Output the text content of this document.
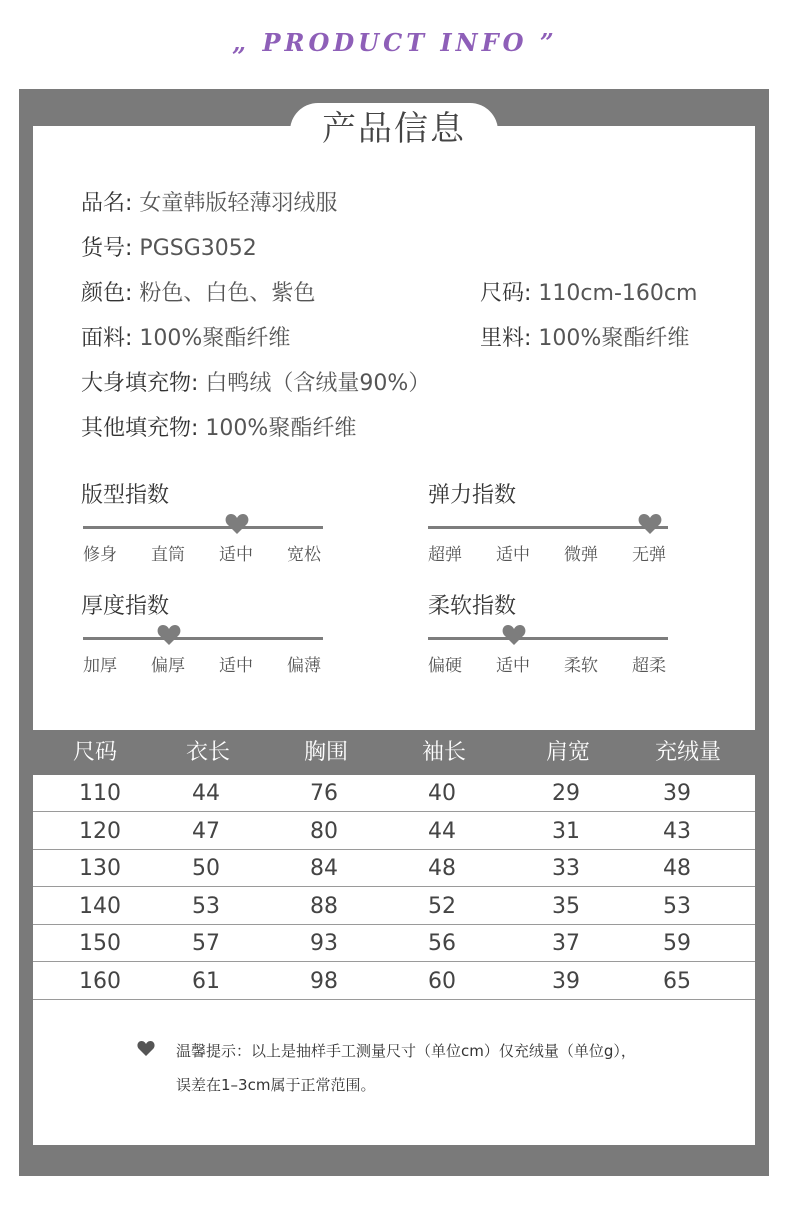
„ PRODUCT INFO ”
品名: 女童韩版轻薄羽绒服
货号: PGSG3052
颜色: 粉色、白色、紫色	尺码: 110cm-160cm
面料: 100%聚酯纤维	里料: 100%聚酯纤维
大身填充物: 白鸭绒（含绒量90%）
其他填充物: 100%聚酯纤维
版型指数
修身 直筒 适中 宽松
弹力指数
超弹 适中 微弹 无弹
厚度指数
加厚 偏厚 适中 偏薄
柔软指数
偏硬 适中 柔软 超柔
尺码	衣长	胸围	袖长	肩宽	充绒量
110	44	76	40	29	39
120	47	80	44	31	43
130	50	84	48	33	48
140	53	88	52	35	53
150	57	93	56	37	59
160	61	98	60	39	65
温馨提示：以上是抽样手工测量尺寸（单位cm）仅充绒量（单位g），
误差在1–3cm属于正常范围。
产品信息
